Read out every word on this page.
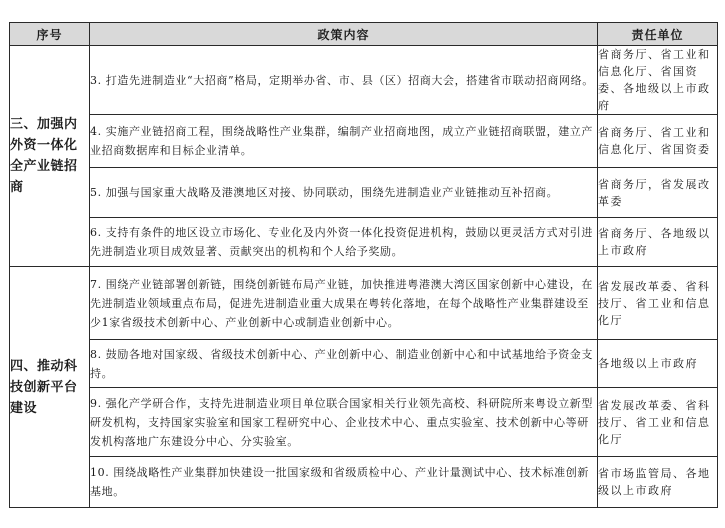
序号	政策内容	责任单位
三、加强内外资一体化全产业链招商	3. 打造先进制造业“大招商”格局，定期举办省、市、县（区）招商大会，搭建省市联动招商网络。	省商务厅、省工业和信息化厅、省国资委、各地级以上市政府
	4. 实施产业链招商工程，围绕战略性产业集群，编制产业招商地图，成立产业链招商联盟，建立产业招商数据库和目标企业清单。	省商务厅、省工业和信息化厅、省国资委
	5. 加强与国家重大战略及港澳地区对接、协同联动，围绕先进制造业产业链推动互补招商。	省商务厅，省发展改革委
	6. 支持有条件的地区设立市场化、专业化及内外资一体化投资促进机构，鼓励以更灵活方式对引进先进制造业项目成效显著、贡献突出的机构和个人给予奖励。	省商务厅、各地级以上市政府
四、推动科技创新平台建设	7. 围绕产业链部署创新链，围绕创新链布局产业链，加快推进粤港澳大湾区国家创新中心建设，在先进制造业领域重点布局，促进先进制造业重大成果在粤转化落地，在每个战略性产业集群建设至少1家省级技术创新中心、产业创新中心或制造业创新中心。	省发展改革委、省科技厅、省工业和信息化厅
	8. 鼓励各地对国家级、省级技术创新中心、产业创新中心、制造业创新中心和中试基地给予资金支持。	各地级以上市政府
	9. 强化产学研合作，支持先进制造业项目单位联合国家相关行业领先高校、科研院所来粤设立新型研发机构，支持国家实验室和国家工程研究中心、企业技术中心、重点实验室、技术创新中心等研发机构落地广东建设分中心、分实验室。	省发展改革委、省科技厅、省工业和信息化厅
	10. 围绕战略性产业集群加快建设一批国家级和省级质检中心、产业计量测试中心、技术标准创新基地。	省市场监管局、各地级以上市政府
